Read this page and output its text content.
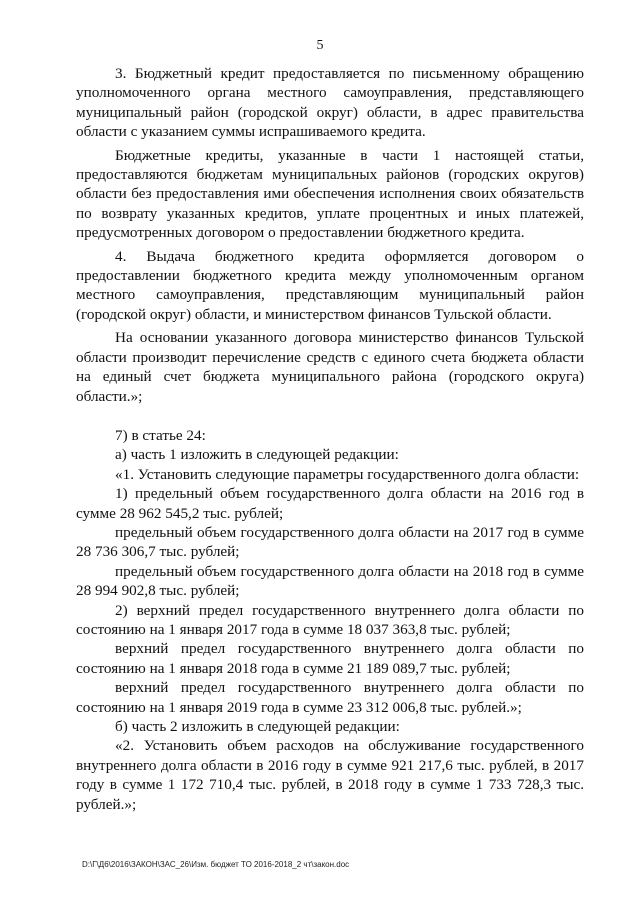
5

3. Бюджетный кредит предоставляется по письменному обращению уполномоченного органа местного самоуправления, представляющего муниципальный район (городской округ) области, в адрес правительства области с указанием суммы испрашиваемого кредита.

Бюджетные кредиты, указанные в части 1 настоящей статьи, предоставляются бюджетам муниципальных районов (городских округов) области без предоставления ими обеспечения исполнения своих обязательств по возврату указанных кредитов, уплате процентных и иных платежей, предусмотренных договором о предоставлении бюджетного кредита.

4. Выдача бюджетного кредита оформляется договором о предоставлении бюджетного кредита между уполномоченным органом местного самоуправления, представляющим муниципальный район (городской округ) области, и министерством финансов Тульской области.

На основании указанного договора министерство финансов Тульской области производит перечисление средств с единого счета бюджета области на единый счет бюджета муниципального района (городского округа) области.»;

7) в статье 24:

а) часть 1 изложить в следующей редакции:

«1. Установить следующие параметры государственного долга области:

1) предельный объем государственного долга области на 2016 год в сумме 28 962 545,2 тыс. рублей;

предельный объем государственного долга области на 2017 год в сумме 28 736 306,7 тыс. рублей;

предельный объем государственного долга области на 2018 год в сумме 28 994 902,8 тыс. рублей;

2) верхний предел государственного внутреннего долга области по состоянию на 1 января 2017 года в сумме 18 037 363,8 тыс. рублей;

верхний предел государственного внутреннего долга области по состоянию на 1 января 2018 года в сумме 21 189 089,7 тыс. рублей;

верхний предел государственного внутреннего долга области по состоянию на 1 января 2019 года в сумме 23 312 006,8 тыс. рублей.»;

б) часть 2 изложить в следующей редакции:

«2. Установить объем расходов на обслуживание государственного внутреннего долга области в 2016 году в сумме 921 217,6 тыс. рублей, в 2017 году в сумме 1 172 710,4 тыс. рублей, в 2018 году в сумме 1 733 728,3 тыс. рублей.»;

D:\Г\Д6\2016\ЗАКОН\ЗАС_26\Изм. бюджет ТО 2016-2018_2 чт\закон.doc
